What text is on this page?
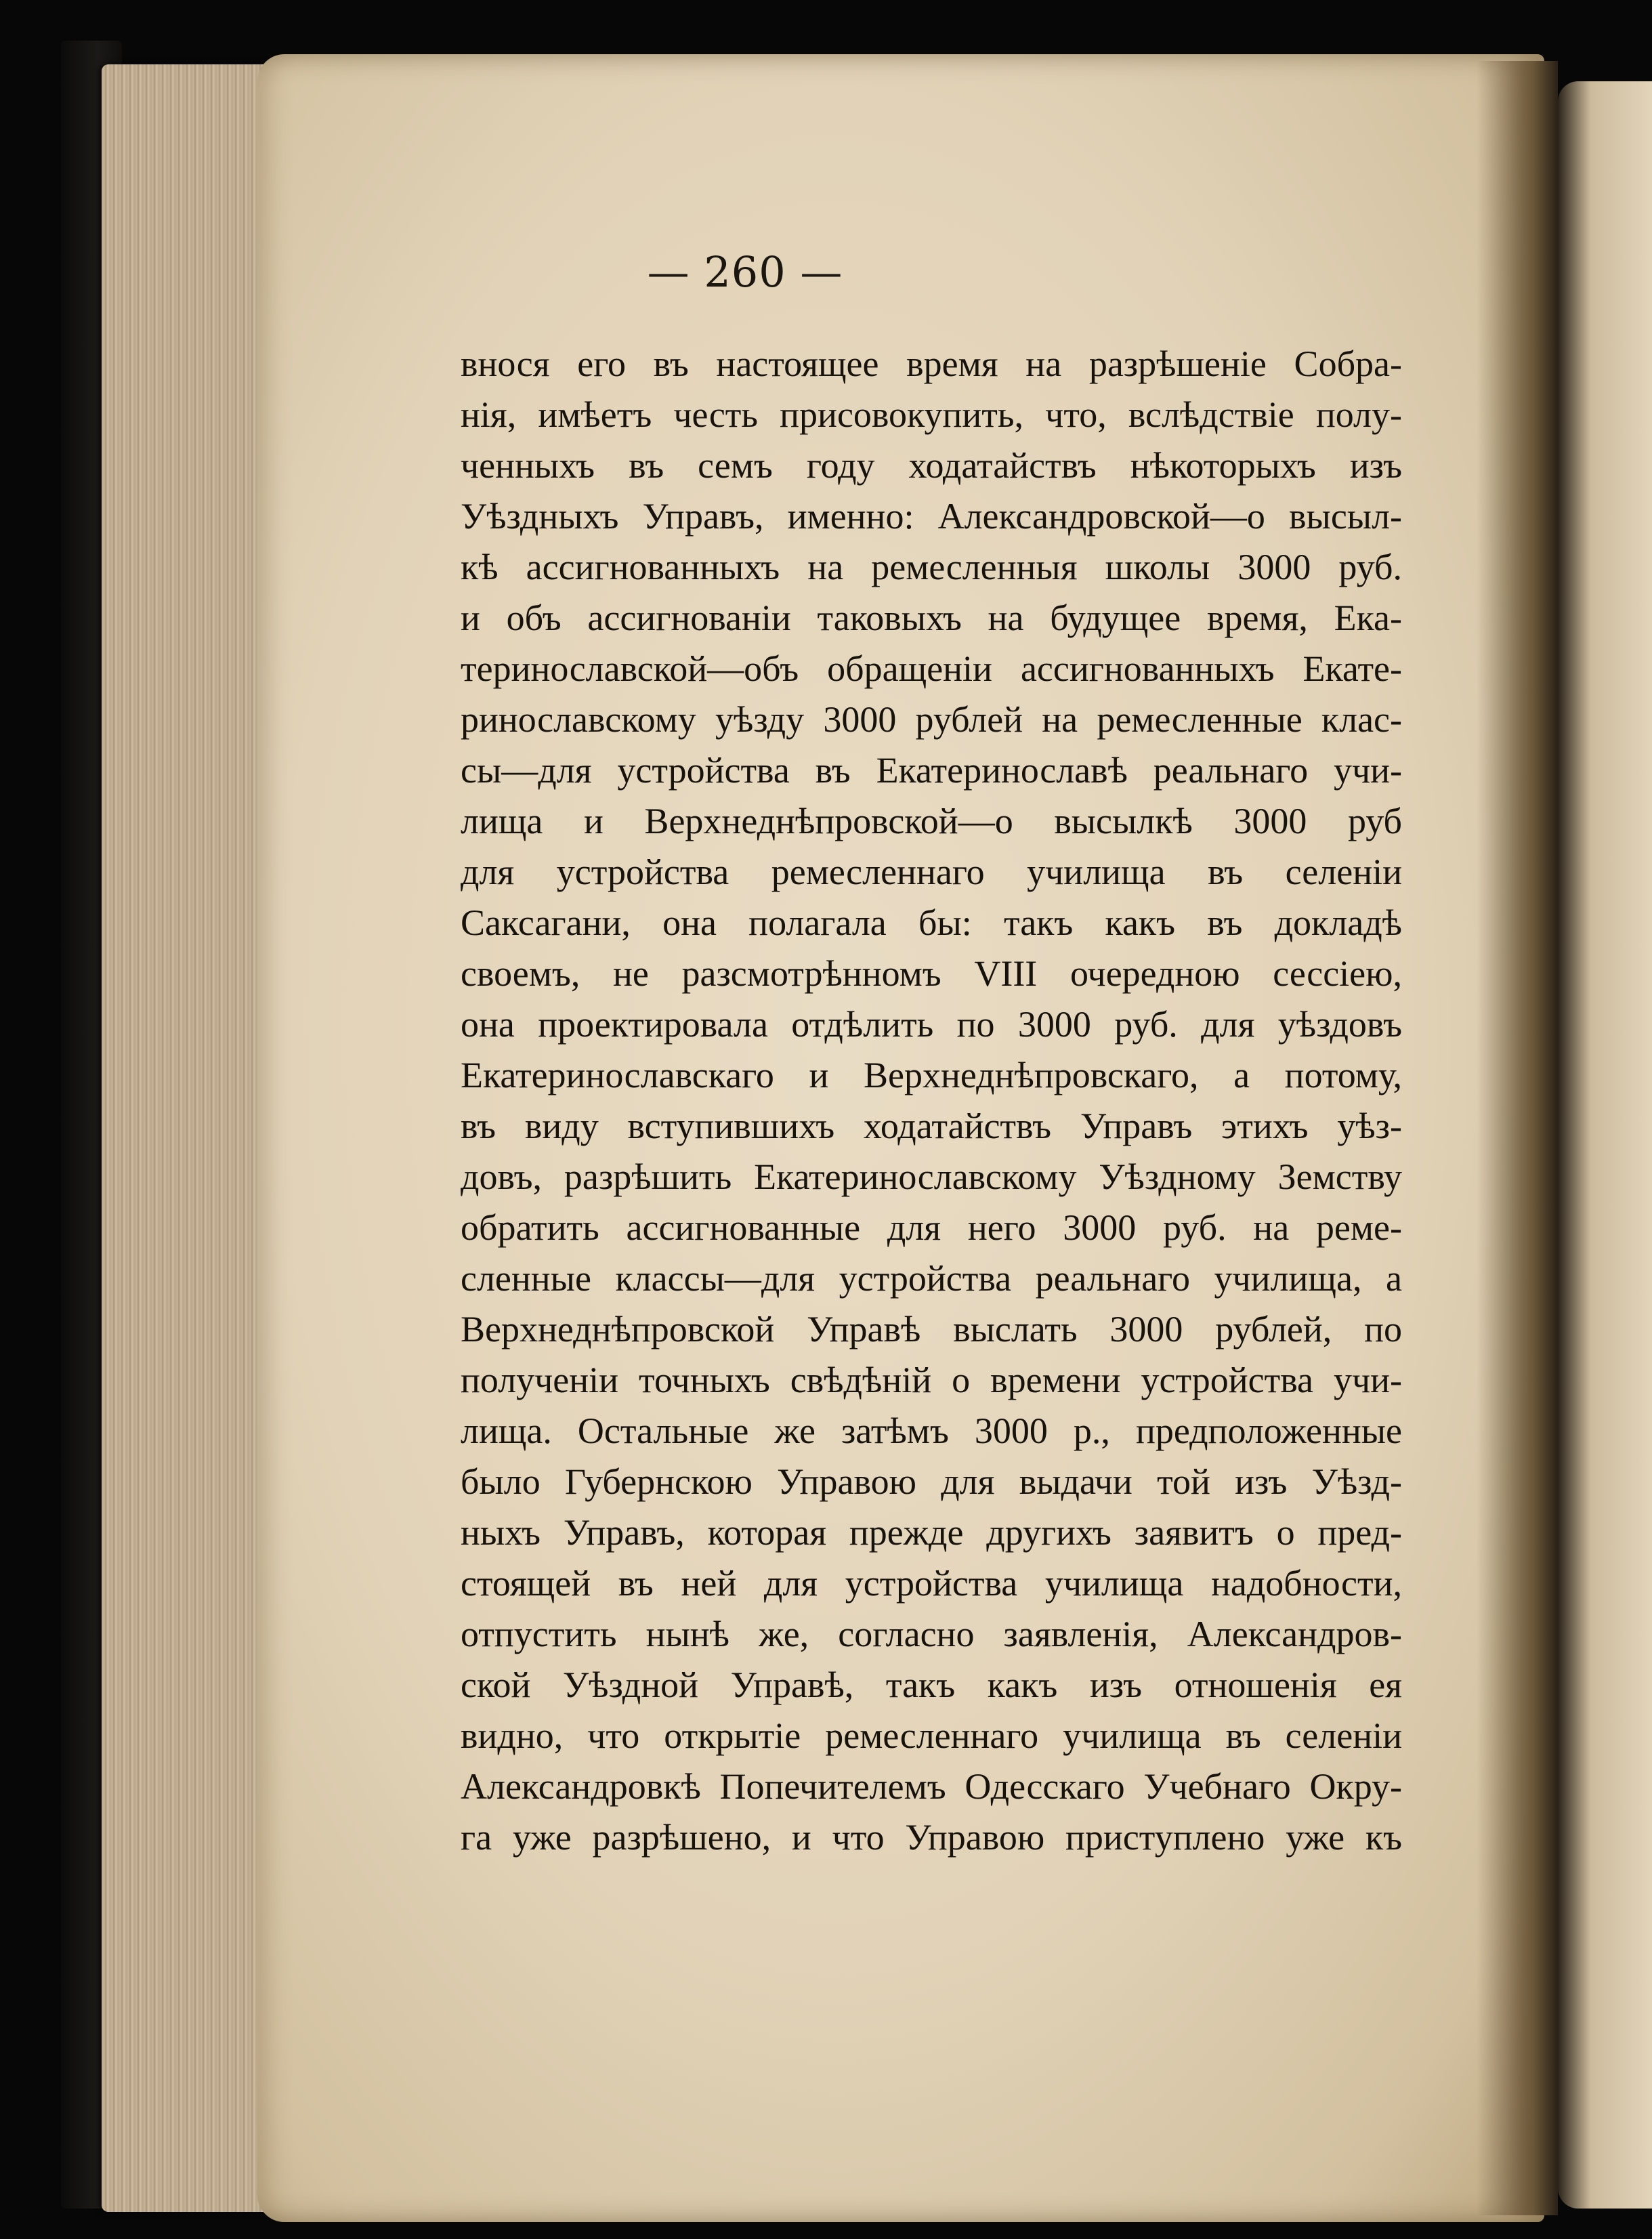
— 260 —
внося его въ настоящее время на разрѣшеніе Собра-
нія, имѣетъ честь присовокупить, что, вслѣдствіе полу-
ченныхъ въ семъ году ходатайствъ нѣкоторыхъ изъ
Уѣздныхъ Управъ, именно: Александровской—о высыл-
кѣ ассигнованныхъ на ремесленныя школы 3000 руб.
и объ ассигнованіи таковыхъ на будущее время, Ека-
теринославской—объ обращеніи ассигнованныхъ Екате-
ринославскому уѣзду 3000 рублей на ремесленные клас-
сы—для устройства въ Екатеринославѣ реальнаго учи-
лища и Верхнеднѣпровской—о высылкѣ 3000 руб
для устройства ремесленнаго училища въ селеніи
Саксагани, она полагала бы: такъ какъ въ докладѣ
своемъ, не разсмотрѣнномъ VIII очередною сессіею,
она проектировала отдѣлить по 3000 руб. для уѣздовъ
Екатеринославскаго и Верхнеднѣпровскаго, а потому,
въ виду вступившихъ ходатайствъ Управъ этихъ уѣз-
довъ, разрѣшить Екатеринославскому Уѣздному Земству
обратить ассигнованные для него 3000 руб. на реме-
сленные классы—для устройства реальнаго училища, а
Верхнеднѣпровской Управѣ выслать 3000 рублей, по
полученіи точныхъ свѣдѣній о времени устройства учи-
лища. Остальные же затѣмъ 3000 р., предположенные
было Губернскою Управою для выдачи той изъ Уѣзд-
ныхъ Управъ, которая прежде другихъ заявитъ о пред-
стоящей въ ней для устройства училища надобности,
отпустить нынѣ же, согласно заявленія, Александров-
ской Уѣздной Управѣ, такъ какъ изъ отношенія ея
видно, что открытіе ремесленнаго училища въ селеніи
Александровкѣ Попечителемъ Одесскаго Учебнаго Окру-
га уже разрѣшено, и что Управою приступлено уже къ
